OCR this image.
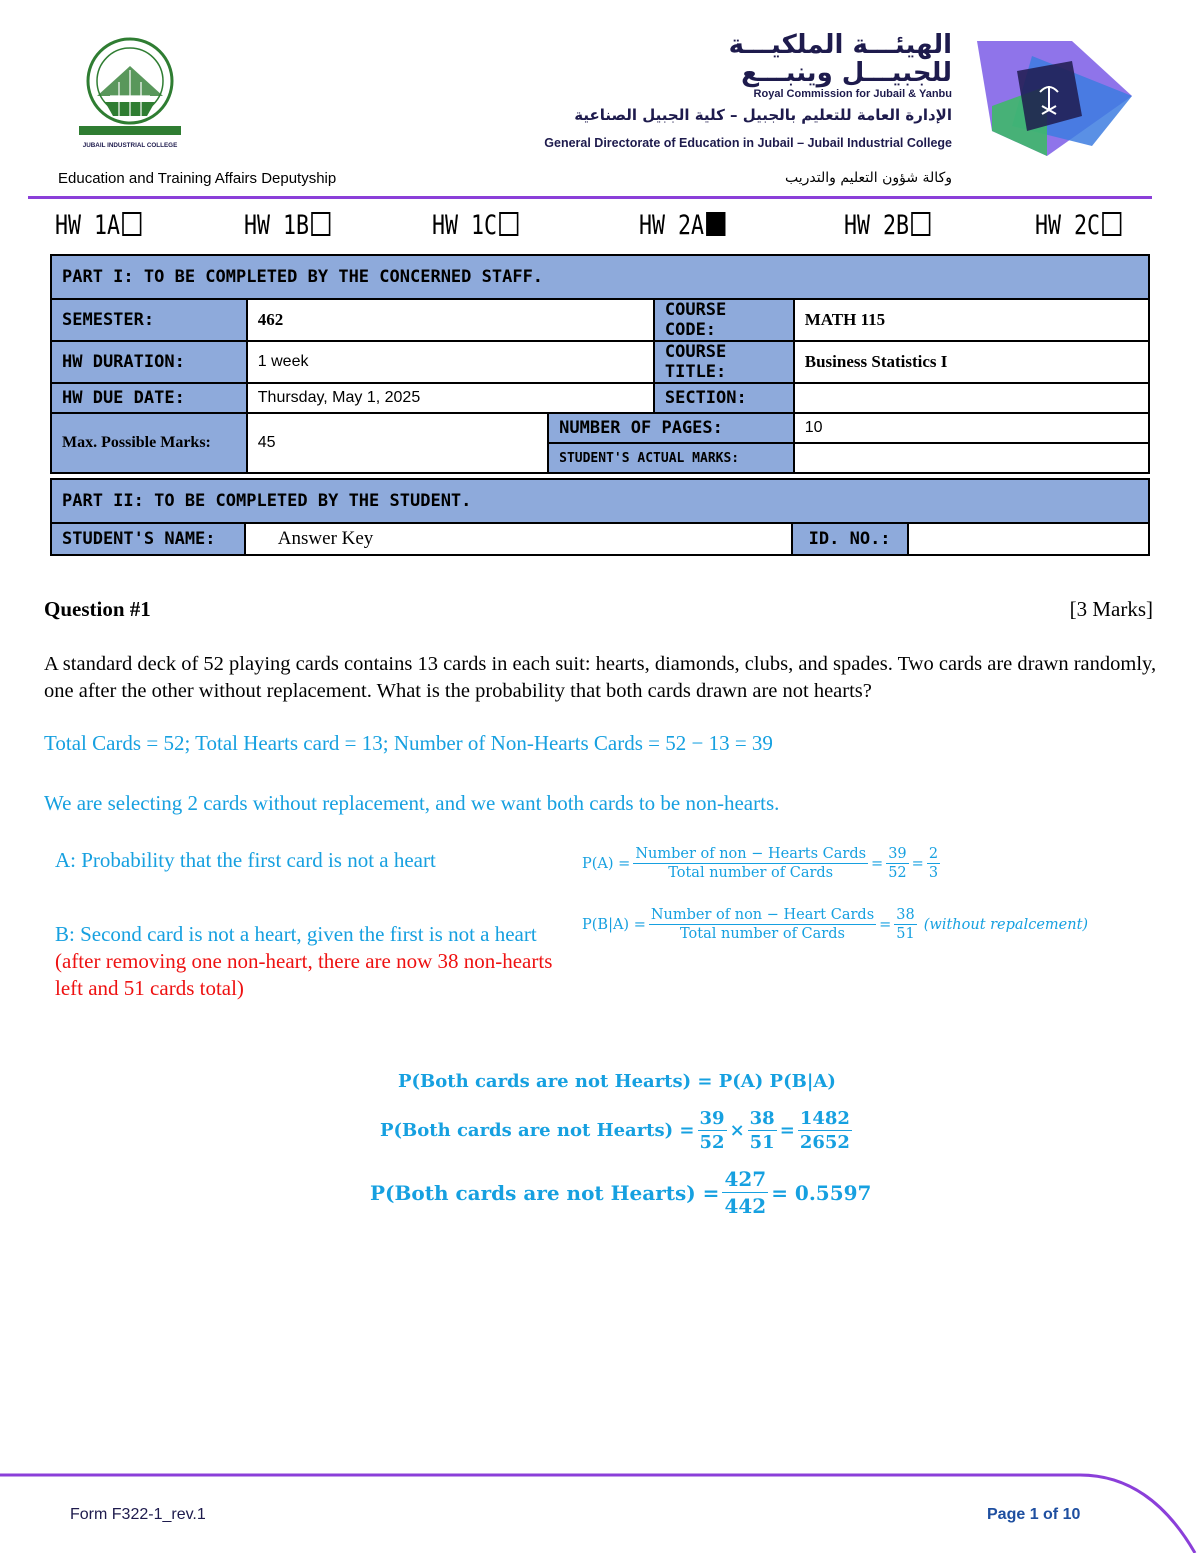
JUBAIL INDUSTRIAL COLLEGE
الهيئـــة الملكيـــة
للجبيـــل وينبـــع
Royal Commission for Jubail & Yanbu
الإدارة العامة للتعليم بالجبيل – كلية الجبيل الصناعية
General Directorate of Education in Jubail – Jubail Industrial College
Education and Training Affairs Deputyship	وكالة شؤون التعليم والتدريب
HW 1A	HW 1B	HW 1C	HW 2A	HW 2B	HW 2C
PART I: TO BE COMPLETED BY THE CONCERNED STAFF.				
SEMESTER:	462		COURSE CODE:	MATH 115
HW DURATION:	1 week		COURSE TITLE:	Business Statistics I
HW DUE DATE:	Thursday, May 1, 2025		SECTION:	
Max. Possible Marks:	45	NUMBER OF PAGES:		10
		STUDENT'S ACTUAL MARKS:		
PART II: TO BE COMPLETED BY THE STUDENT.
STUDENT'S NAME:	Answer Key	ID. NO.:	
Question #1	[3 Marks]
A standard deck of 52 playing cards contains 13 cards in each suit: hearts, diamonds, clubs, and spades. Two cards are drawn randomly, one after the other without replacement. What is the probability that both cards drawn are not hearts?
Total Cards = 52; Total Hearts card = 13; Number of Non-Hearts Cards = 52 − 13 = 39
We are selecting 2 cards without replacement, and we want both cards to be non-hearts.
A: Probability that the first card is not a heart
B: Second card is not a heart, given the first is not a heart (after removing one non-heart, there are now 38 non-hearts left and 51 cards total)
$P(A) = \frac{\text{Number of non − Hearts Cards}}{\text{Total number of Cards}} = \frac{39}{52} = \frac{2}{3}$
$P(B|A) = \frac{\text{Number of non − Heart Cards}}{\text{Total number of Cards}} = \frac{38}{51}$ (without repalcement)
P(Both cards are not Hearts) = P(A) P(B|A)
P(Both cards are not Hearts) = $\frac{39}{52} \times \frac{38}{51} = \frac{1482}{2652}$
P(Both cards are not Hearts) = $\frac{427}{442} = 0.5597$
Form F322-1_rev.1	Page 1 of 10
